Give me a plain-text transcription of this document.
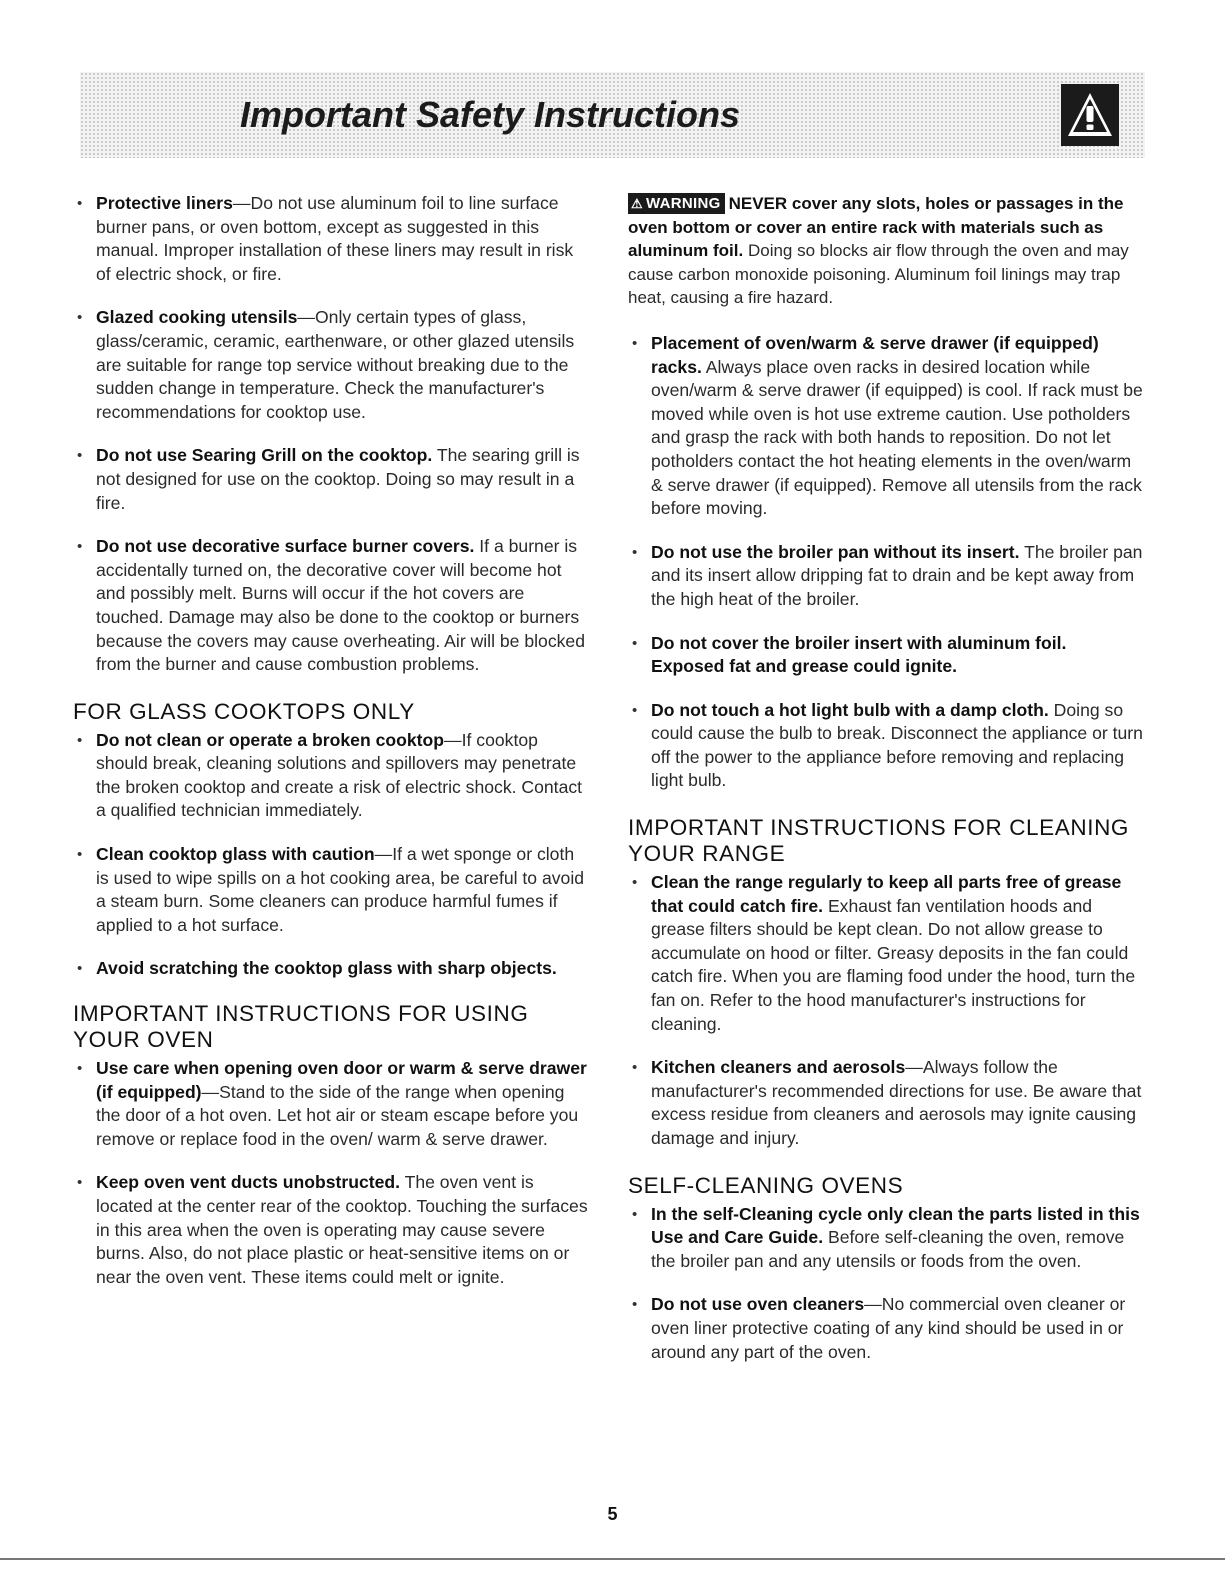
Important Safety Instructions
• Protective liners—Do not use aluminum foil to line surface burner pans, or oven bottom, except as suggested in this manual. Improper installation of these liners may result in risk of electric shock, or fire.
• Glazed cooking utensils—Only certain types of glass, glass/ceramic, ceramic, earthenware, or other glazed utensils are suitable for range top service without breaking due to the sudden change in temperature. Check the manufacturer's recommendations for cooktop use.
• Do not use Searing Grill on the cooktop. The searing grill is not designed for use on the cooktop. Doing so may result in a fire.
• Do not use decorative surface burner covers. If a burner is accidentally turned on, the decorative cover will become hot and possibly melt. Burns will occur if the hot covers are touched. Damage may also be done to the cooktop or burners because the covers may cause overheating. Air will be blocked from the burner and cause combustion problems.
FOR GLASS COOKTOPS ONLY
• Do not clean or operate a broken cooktop—If cooktop should break, cleaning solutions and spillovers may penetrate the broken cooktop and create a risk of electric shock. Contact a qualified technician immediately.
• Clean cooktop glass with caution—If a wet sponge or cloth is used to wipe spills on a hot cooking area, be careful to avoid a steam burn. Some cleaners can produce harmful fumes if applied to a hot surface.
• Avoid scratching the cooktop glass with sharp objects.
IMPORTANT INSTRUCTIONS FOR USING YOUR OVEN
• Use care when opening oven door or warm & serve drawer (if equipped)—Stand to the side of the range when opening the door of a hot oven. Let hot air or steam escape before you remove or replace food in the oven/ warm & serve drawer.
• Keep oven vent ducts unobstructed. The oven vent is located at the center rear of the cooktop. Touching the surfaces in this area when the oven is operating may cause severe burns. Also, do not place plastic or heat-sensitive items on or near the oven vent. These items could melt or ignite.
⚠ WARNING NEVER cover any slots, holes or passages in the oven bottom or cover an entire rack with materials such as aluminum foil. Doing so blocks air flow through the oven and may cause carbon monoxide poisoning. Aluminum foil linings may trap heat, causing a fire hazard.
• Placement of oven/warm & serve drawer (if equipped) racks. Always place oven racks in desired location while oven/warm & serve drawer (if equipped) is cool. If rack must be moved while oven is hot use extreme caution. Use potholders and grasp the rack with both hands to reposition. Do not let potholders contact the hot heating elements in the oven/warm & serve drawer (if equipped). Remove all utensils from the rack before moving.
• Do not use the broiler pan without its insert. The broiler pan and its insert allow dripping fat to drain and be kept away from the high heat of the broiler.
• Do not cover the broiler insert with aluminum foil. Exposed fat and grease could ignite.
• Do not touch a hot light bulb with a damp cloth. Doing so could cause the bulb to break. Disconnect the appliance or turn off the power to the appliance before removing and replacing light bulb.
IMPORTANT INSTRUCTIONS FOR CLEANING YOUR RANGE
• Clean the range regularly to keep all parts free of grease that could catch fire. Exhaust fan ventilation hoods and grease filters should be kept clean. Do not allow grease to accumulate on hood or filter. Greasy deposits in the fan could catch fire. When you are flaming food under the hood, turn the fan on. Refer to the hood manufacturer's instructions for cleaning.
• Kitchen cleaners and aerosols—Always follow the manufacturer's recommended directions for use. Be aware that excess residue from cleaners and aerosols may ignite causing damage and injury.
SELF-CLEANING OVENS
• In the self-Cleaning cycle only clean the parts listed in this Use and Care Guide. Before self-cleaning the oven, remove the broiler pan and any utensils or foods from the oven.
• Do not use oven cleaners—No commercial oven cleaner or oven liner protective coating of any kind should be used in or around any part of the oven.
5
